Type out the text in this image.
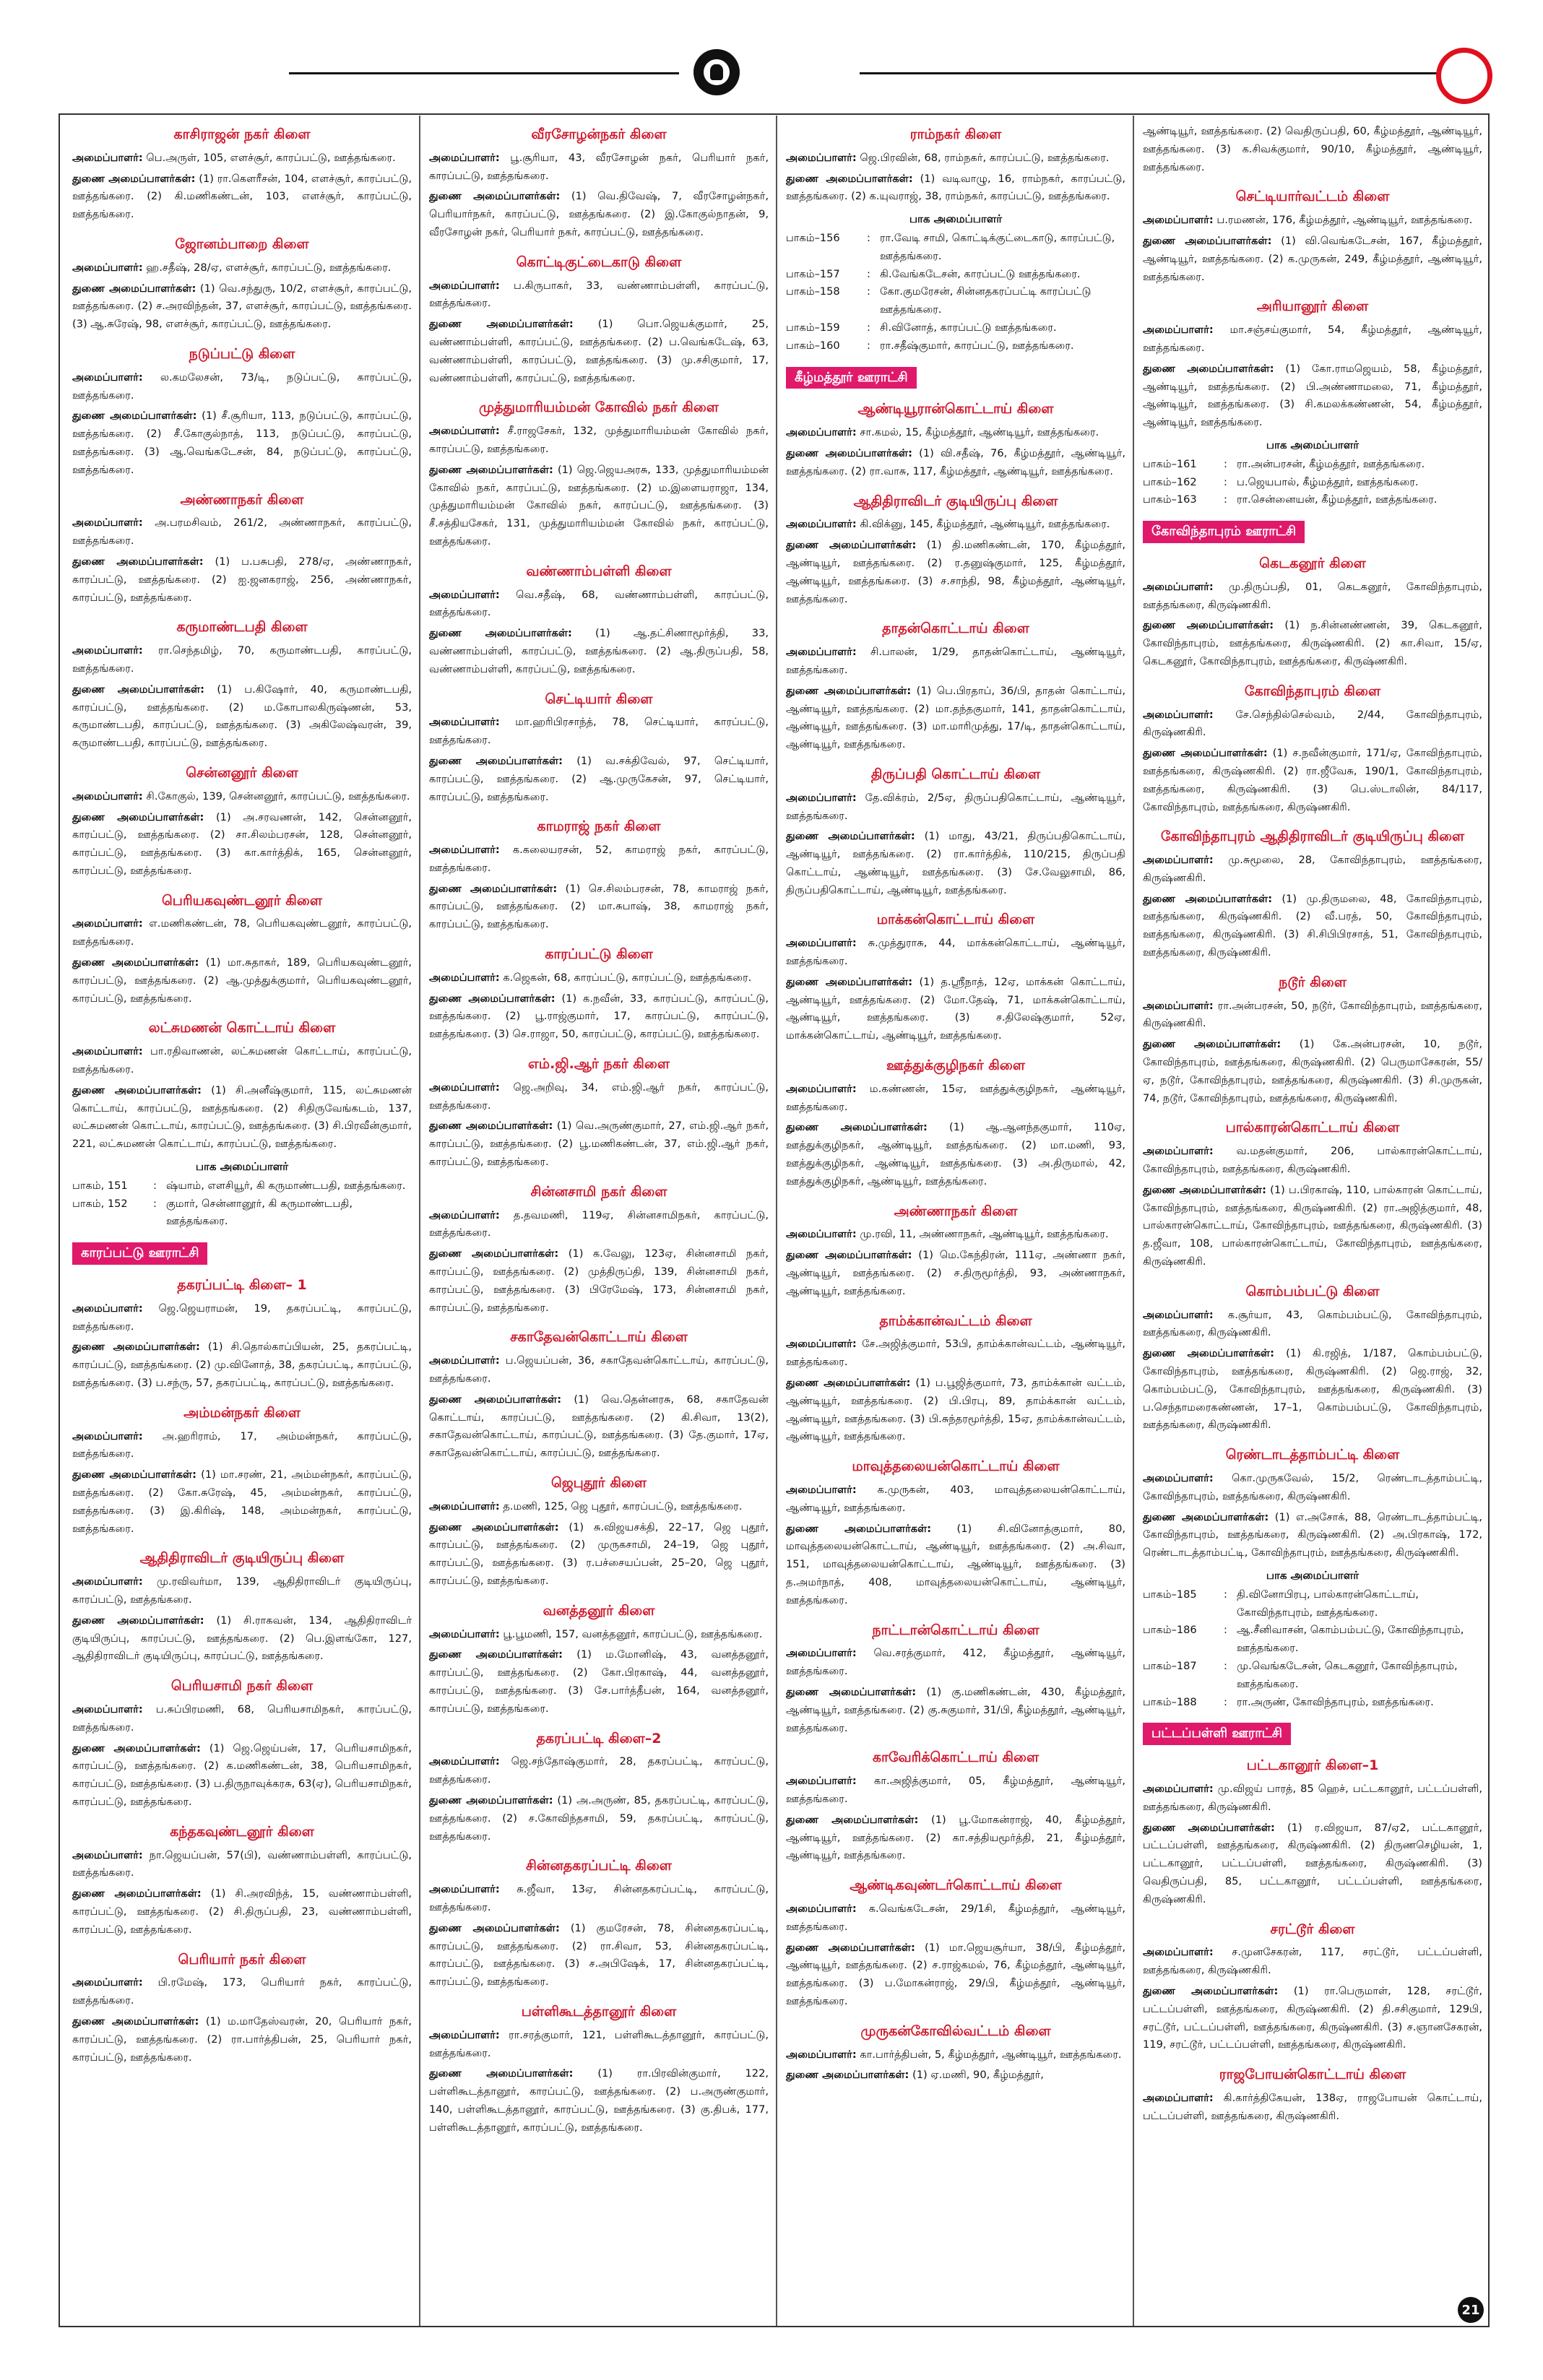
காசிராஜன் நகர் கிளை
அமைப்பாளர்: பெ.அருள், 105, எளச்சூர், காரப்பட்டு, ஊத்தங்கரை.
துணை அமைப்பாளர்கள்: (1) ரா.கௌரீசன், 104, எளச்சூர், காரப்பட்டு, ஊத்தங்கரை. (2) கி.மணிகண்டன், 103, எளச்சூர், காரப்பட்டு, ஊத்தங்கரை.
ஜோனம்பாறை கிளை
அமைப்பாளர்: ஹ.சதீஷ், 28/ஏ, எளச்சூர், காரப்பட்டு, ஊத்தங்கரை.
துணை அமைப்பாளர்கள்: (1) வெ.சந்துரு, 10/2, எளச்சூர், காரப்பட்டு, ஊத்தங்கரை. (2) ச.அரவிந்தன், 37, எளச்சூர், காரப்பட்டு, ஊத்தங்கரை. (3) ஆ.சுரேஷ், 98, எளச்சூர், காரப்பட்டு, ஊத்தங்கரை.
நடுப்பட்டு கிளை
அமைப்பாளர்: ல.கமலேசன், 73/டி, நடுப்பட்டு, காரப்பட்டு, ஊத்தங்கரை.
துணை அமைப்பாளர்கள்: (1) சீ.சூரியா, 113, நடுப்பட்டு, காரப்பட்டு, ஊத்தங்கரை. (2) சீ.கோகுல்நாத், 113, நடுப்பட்டு, காரப்பட்டு, ஊத்தங்கரை. (3) ஆ.வெங்கடேசன், 84, நடுப்பட்டு, காரப்பட்டு, ஊத்தங்கரை.
அண்ணாநகர் கிளை
அமைப்பாளர்: அ.பரமசிவம், 261/2, அண்ணாநகர், காரப்பட்டு, ஊத்தங்கரை.
துணை அமைப்பாளர்கள்: (1) ப.பசுபதி, 278/ஏ, அண்ணாநகர், காரப்பட்டு, ஊத்தங்கரை. (2) ஐ.ஜனகராஜ், 256, அண்ணாநகர், காரப்பட்டு, ஊத்தங்கரை.
கருமாண்டபதி கிளை
அமைப்பாளர்: ரா.செந்தமிழ், 70, கருமாண்டபதி, காரப்பட்டு, ஊத்தங்கரை.
துணை அமைப்பாளர்கள்: (1) ப.கிஷோர், 40, கருமாண்டபதி, காரப்பட்டு, ஊத்தங்கரை. (2) ம.கோபாலகிருஷ்ணன், 53, கருமாண்டபதி, காரப்பட்டு, ஊத்தங்கரை. (3) அகிலேஷ்வரன், 39, கருமாண்டபதி, காரப்பட்டு, ஊத்தங்கரை.
சென்னனூர் கிளை
அமைப்பாளர்: சி.கோகுல், 139, சென்னனூர், காரப்பட்டு, ஊத்தங்கரை.
துணை அமைப்பாளர்கள்: (1) அ.சரவணன், 142, சென்னனூர், காரப்பட்டு, ஊத்தங்கரை. (2) சா.சிலம்பரசன், 128, சென்னனூர், காரப்பட்டு, ஊத்தங்கரை. (3) கா.கார்த்திக், 165, சென்னனூர், காரப்பட்டு, ஊத்தங்கரை.
பெரியகவுண்டனூர் கிளை
அமைப்பாளர்: எ.மணிகண்டன், 78, பெரியகவுண்டனூர், காரப்பட்டு, ஊத்தங்கரை.
துணை அமைப்பாளர்கள்: (1) மா.சுதாகர், 189, பெரியகவுண்டனூர், காரப்பட்டு, ஊத்தங்கரை. (2) ஆ.முத்துக்குமார், பெரியகவுண்டனூர், காரப்பட்டு, ஊத்தங்கரை.
லட்சுமணன் கொட்டாய் கிளை
அமைப்பாளர்: பா.ரதிவாணன், லட்சுமணன் கொட்டாய், காரப்பட்டு, ஊத்தங்கரை.
துணை அமைப்பாளர்கள்: (1) சி.அனீஷ்குமார், 115, லட்சுமணன் கொட்டாய், காரப்பட்டு, ஊத்தங்கரை. (2) சிதிருவேங்கடம், 137, லட்சுமணன் கொட்டாய், காரப்பட்டு, ஊத்தங்கரை. (3) சி.பிரவீன்குமார், 221, லட்சுமணன் கொட்டாய், காரப்பட்டு, ஊத்தங்கரை.
பாக அமைப்பாளர்
பாகம், 151	: ஷ்யாம், எளசியூர், கி கருமாண்டபதி, ஊத்தங்கரை.
பாகம், 152	: குமார், சென்னானூர், கி கருமாண்டபதி, ஊத்தங்கரை.
காரப்பட்டு ஊராட்சி
தகரப்பட்டி கிளை– 1
அமைப்பாளர்: ஜெ.ஜெயராமன், 19, தகரப்பட்டி, காரப்பட்டு, ஊத்தங்கரை.
துணை அமைப்பாளர்கள்: (1) சி.தொல்காப்பியன், 25, தகரப்பட்டி, காரப்பட்டு, ஊத்தங்கரை. (2) மு.வினோத், 38, தகரப்பட்டி, காரப்பட்டு, ஊத்தங்கரை. (3) ப.சந்ரு, 57, தகரப்பட்டி, காரப்பட்டு, ஊத்தங்கரை.
அம்மன்நகர் கிளை
அமைப்பாளர்: அ.ஹரிராம், 17, அம்மன்நகர், காரப்பட்டு, ஊத்தங்கரை.
துணை அமைப்பாளர்கள்: (1) மா.சரண், 21, அம்மன்நகர், காரப்பட்டு, ஊத்தங்கரை. (2) கோ.சுரேஷ், 45, அம்மன்நகர், காரப்பட்டு, ஊத்தங்கரை. (3) இ.கிரிஷ், 148, அம்மன்நகர், காரப்பட்டு, ஊத்தங்கரை.
ஆதிதிராவிடர் குடியிருப்பு கிளை
அமைப்பாளர்: மு.ரவிவர்மா, 139, ஆதிதிராவிடர் குடியிருப்பு, காரப்பட்டு, ஊத்தங்கரை.
துணை அமைப்பாளர்கள்: (1) சி.ராகவன், 134, ஆதிதிராவிடர் குடியிருப்பு, காரப்பட்டு, ஊத்தங்கரை. (2) பெ.இளங்கோ, 127, ஆதிதிராவிடர் குடியிருப்பு, காரப்பட்டு, ஊத்தங்கரை.
பெரியசாமி நகர் கிளை
அமைப்பாளர்: ப.சுப்பிரமணி, 68, பெரியசாமிநகர், காரப்பட்டு, ஊத்தங்கரை.
துணை அமைப்பாளர்கள்: (1) ஜெ.ஜெய்பன், 17, பெரியசாமிநகர், காரப்பட்டு, ஊத்தங்கரை. (2) க.மணிகண்டன், 38, பெரியசாமிநகர், காரப்பட்டு, ஊத்தங்கரை. (3) ப.திருநாவுக்கரசு, 63(ஏ), பெரியசாமிநகர், காரப்பட்டு, ஊத்தங்கரை.
கந்தகவுண்டனூர் கிளை
அமைப்பாளர்: நா.ஜெயப்பன், 57(பி), வண்ணாம்பள்ளி, காரப்பட்டு, ஊத்தங்கரை.
துணை அமைப்பாளர்கள்: (1) சி.அரவிந்த், 15, வண்ணாம்பள்ளி, காரப்பட்டு, ஊத்தங்கரை. (2) சி.திருப்பதி, 23, வண்ணாம்பள்ளி, காரப்பட்டு, ஊத்தங்கரை.
பெரியார் நகர் கிளை
அமைப்பாளர்: பி.ரமேஷ், 173, பெரியார் நகர், காரப்பட்டு, ஊத்தங்கரை.
துணை அமைப்பாளர்கள்: (1) ம.மாதேஸ்வரன், 20, பெரியார் நகர், காரப்பட்டு, ஊத்தங்கரை. (2) ரா.பார்த்திபன், 25, பெரியார் நகர், காரப்பட்டு, ஊத்தங்கரை.
வீரசோழன்நகர் கிளை
அமைப்பாளர்: பூ.சூரியா, 43, வீரசோழன் நகர், பெரியார் நகர், காரப்பட்டு, ஊத்தங்கரை.
துணை அமைப்பாளர்கள்: (1) வெ.திவேஷ், 7, வீரசோழன்நகர், பெரியார்நகர், காரப்பட்டு, ஊத்தங்கரை. (2) இ.கோகுல்நாதன், 9, வீரசோழன் நகர், பெரியார் நகர், காரப்பட்டு, ஊத்தங்கரை.
கொட்டிகுட்டைகாடு கிளை
அமைப்பாளர்: ப.கிருபாகர், 33, வண்ணாம்பள்ளி, காரப்பட்டு, ஊத்தங்கரை.
துணை அமைப்பாளர்கள்: (1) பொ.ஜெயக்குமார், 25, வண்ணாம்பள்ளி, காரப்பட்டு, ஊத்தங்கரை. (2) ப.வெங்கடேஷ், 63, வண்ணாம்பள்ளி, காரப்பட்டு, ஊத்தங்கரை. (3) மு.சசிகுமார், 17, வண்ணாம்பள்ளி, காரப்பட்டு, ஊத்தங்கரை.
முத்துமாரியம்மன் கோவில் நகர் கிளை
அமைப்பாளர்: சீ.ராஜசேகர், 132, முத்துமாரியம்மன் கோவில் நகர், காரப்பட்டு, ஊத்தங்கரை.
துணை அமைப்பாளர்கள்: (1) ஜெ.ஜெயஅரசு, 133, முத்துமாரியம்மன் கோவில் நகர், காரப்பட்டு, ஊத்தங்கரை. (2) ம.இளையராஜா, 134, முத்துமாரியம்மன் கோவில் நகர், காரப்பட்டு, ஊத்தங்கரை. (3) சீ.சத்தியசேகர், 131, முத்துமாரியம்மன் கோவில் நகர், காரப்பட்டு, ஊத்தங்கரை.
வண்ணாம்பள்ளி கிளை
அமைப்பாளர்: வெ.சதீஷ், 68, வண்ணாம்பள்ளி, காரப்பட்டு, ஊத்தங்கரை.
துணை அமைப்பாளர்கள்: (1) ஆ.தட்சிணாமூர்த்தி, 33, வண்ணாம்பள்ளி, காரப்பட்டு, ஊத்தங்கரை. (2) ஆ.திருப்பதி, 58, வண்ணாம்பள்ளி, காரப்பட்டு, ஊத்தங்கரை.
செட்டியார் கிளை
அமைப்பாளர்: மா.ஹரிபிரசாந்த், 78, செட்டியார், காரப்பட்டு, ஊத்தங்கரை.
துணை அமைப்பாளர்கள்: (1) வ.சக்திவேல், 97, செட்டியார், காரப்பட்டு, ஊத்தங்கரை. (2) ஆ.முருகேசன், 97, செட்டியார், காரப்பட்டு, ஊத்தங்கரை.
காமராஜ் நகர் கிளை
அமைப்பாளர்: க.கலையரசன், 52, காமராஜ் நகர், காரப்பட்டு, ஊத்தங்கரை.
துணை அமைப்பாளர்கள்: (1) செ.சிலம்பரசன், 78, காமராஜ் நகர், காரப்பட்டு, ஊத்தங்கரை. (2) மா.சுபாஷ், 38, காமராஜ் நகர், காரப்பட்டு, ஊத்தங்கரை.
காரப்பட்டு கிளை
அமைப்பாளர்: க.ஜெகன், 68, காரப்பட்டு, காரப்பட்டு, ஊத்தங்கரை.
துணை அமைப்பாளர்கள்: (1) க.நவீன், 33, காரப்பட்டு, காரப்பட்டு, ஊத்தங்கரை. (2) பூ.ராஜ்குமார், 17, காரப்பட்டு, காரப்பட்டு, ஊத்தங்கரை. (3) செ.ராஜா, 50, காரப்பட்டு, காரப்பட்டு, ஊத்தங்கரை.
எம்.ஜி.ஆர் நகர் கிளை
அமைப்பாளர்: ஜெ.அறிவு, 34, எம்.ஜி.ஆர் நகர், காரப்பட்டு, ஊத்தங்கரை.
துணை அமைப்பாளர்கள்: (1) வெ.அருண்குமார், 27, எம்.ஜி.ஆர் நகர், காரப்பட்டு, ஊத்தங்கரை. (2) பூ.மணிகண்டன், 37, எம்.ஜி.ஆர் நகர், காரப்பட்டு, ஊத்தங்கரை.
சின்னசாமி நகர் கிளை
அமைப்பாளர்: த.தவமணி, 119ஏ, சின்னசாமிநகர், காரப்பட்டு, ஊத்தங்கரை.
துணை அமைப்பாளர்கள்: (1) க.வேலு, 123ஏ, சின்னசாமி நகர், காரப்பட்டு, ஊத்தங்கரை. (2) முத்திருப்தி, 139, சின்னசாமி நகர், காரப்பட்டு, ஊத்தங்கரை. (3) பிரேமேஷ், 173, சின்னசாமி நகர், காரப்பட்டு, ஊத்தங்கரை.
சகாதேவன்கொட்டாய் கிளை
அமைப்பாளர்: ப.ஜெயப்பன், 36, சகாதேவன்கொட்டாய், காரப்பட்டு, ஊத்தங்கரை.
துணை அமைப்பாளர்கள்: (1) வெ.தென்னரசு, 68, சகாதேவன் கொட்டாய், காரப்பட்டு, ஊத்தங்கரை. (2) கி.சிவா, 13(2), சகாதேவன்கொட்டாய், காரப்பட்டு, ஊத்தங்கரை. (3) தே.குமார், 17ஏ, சகாதேவன்கொட்டாய், காரப்பட்டு, ஊத்தங்கரை.
ஜெபுதூர் கிளை
அமைப்பாளர்: த.மணி, 125, ஜெ புதூர், காரப்பட்டு, ஊத்தங்கரை.
துணை அமைப்பாளர்கள்: (1) சு.விஜயசக்தி, 22–17, ஜெ புதூர், காரப்பட்டு, ஊத்தங்கரை. (2) முருகசாமி, 24–19, ஜெ புதூர், காரப்பட்டு, ஊத்தங்கரை. (3) ர.பச்சையப்பன், 25–20, ஜெ புதூர், காரப்பட்டு, ஊத்தங்கரை.
வனத்தனூர் கிளை
அமைப்பாளர்: பூ.பூமணி, 157, வனத்தனூர், காரப்பட்டு, ஊத்தங்கரை.
துணை அமைப்பாளர்கள்: (1) ம.மோனிஷ், 43, வனத்தனூர், காரப்பட்டு, ஊத்தங்கரை. (2) கோ.பிரகாஷ், 44, வனத்தனூர், காரப்பட்டு, ஊத்தங்கரை. (3) சே.பார்த்தீபன், 164, வனத்தனூர், காரப்பட்டு, ஊத்தங்கரை.
தகரப்பட்டி கிளை–2
அமைப்பாளர்: ஜெ.சந்தோஷ்குமார், 28, தகரப்பட்டி, காரப்பட்டு, ஊத்தங்கரை.
துணை அமைப்பாளர்கள்: (1) அ.அருண், 85, தகரப்பட்டி, காரப்பட்டு, ஊத்தங்கரை. (2) ச.கோவிந்தசாமி, 59, தகரப்பட்டி, காரப்பட்டு, ஊத்தங்கரை.
சின்னதகரப்பட்டி கிளை
அமைப்பாளர்: சு.ஜீவா, 13ஏ, சின்னதகரப்பட்டி, காரப்பட்டு, ஊத்தங்கரை.
துணை அமைப்பாளர்கள்: (1) குமரேசன், 78, சின்னதகரப்பட்டி, காரப்பட்டு, ஊத்தங்கரை. (2) ரா.சிவா, 53, சின்னதகரப்பட்டி, காரப்பட்டு, ஊத்தங்கரை. (3) ச.அபிஷேக், 17, சின்னதகரப்பட்டி, காரப்பட்டு, ஊத்தங்கரை.
பள்ளிகூடத்தானூர் கிளை
அமைப்பாளர்: ரா.சரத்குமார், 121, பள்ளிகூடத்தானூர், காரப்பட்டு, ஊத்தங்கரை.
துணை அமைப்பாளர்கள்: (1) ரா.பிரவின்குமார், 122, பள்ளிகூடத்தானூர், காரப்பட்டு, ஊத்தங்கரை. (2) ப.அருண்குமார், 140, பள்ளிகூடத்தானூர், காரப்பட்டு, ஊத்தங்கரை. (3) கு.திபக், 177, பள்ளிகூடத்தானூர், காரப்பட்டு, ஊத்தங்கரை.
ராம்நகர் கிளை
அமைப்பாளர்: ஜெ.பிரவின், 68, ராம்நகர், காரப்பட்டு, ஊத்தங்கரை.
துணை அமைப்பாளர்கள்: (1) வடிவாழு, 16, ராம்நகர், காரப்பட்டு, ஊத்தங்கரை. (2) க.யுவராஜ், 38, ராம்நகர், காரப்பட்டு, ஊத்தங்கரை.
பாக அமைப்பாளர்
பாகம்–156	: ரா.வேடி சாமி, கொட்டிக்குட்டைகாடு, காரப்பட்டு, ஊத்தங்கரை.
பாகம்–157	: கி.வேங்கடேசன், காரப்பட்டு ஊத்தங்கரை.
பாகம்–158	: கோ.குமரேசன், சின்னதகரப்பட்டி காரப்பட்டு ஊத்தங்கரை.
பாகம்–159	: சி.வினோத், காரப்பட்டு ஊத்தங்கரை.
பாகம்–160	: ரா.சதீஷ்குமார், காரப்பட்டு, ஊத்தங்கரை.
கீழ்மத்தூர் ஊராட்சி
ஆண்டியூரான்கொட்டாய் கிளை
அமைப்பாளர்: சா.கமல், 15, கீழ்மத்தூர், ஆண்டியூர், ஊத்தங்கரை.
துணை அமைப்பாளர்கள்: (1) வி.சதீஷ், 76, கீழ்மத்தூர், ஆண்டியூர், ஊத்தங்கரை. (2) ரா.வாசு, 117, கீழ்மத்தூர், ஆண்டியூர், ஊத்தங்கரை.
ஆதிதிராவிடர் குடியிருப்பு கிளை
அமைப்பாளர்: கி.விக்னு, 145, கீழ்மத்தூர், ஆண்டியூர், ஊத்தங்கரை.
துணை அமைப்பாளர்கள்: (1) தி.மணிகண்டன், 170, கீழ்மத்தூர், ஆண்டியூர், ஊத்தங்கரை. (2) ர.தனுஷ்குமார், 125, கீழ்மத்தூர், ஆண்டியூர், ஊத்தங்கரை. (3) ச.சாந்தி, 98, கீழ்மத்தூர், ஆண்டியூர், ஊத்தங்கரை.
தாதன்கொட்டாய் கிளை
அமைப்பாளர்: சி.பாலன், 1/29, தாதன்கொட்டாய், ஆண்டியூர், ஊத்தங்கரை.
துணை அமைப்பாளர்கள்: (1) பெ.பிரதாப், 36/பி, தாதன் கொட்டாய், ஆண்டியூர், ஊத்தங்கரை. (2) மா.தந்தகுமார், 141, தாதன்கொட்டாய், ஆண்டியூர், ஊத்தங்கரை. (3) மா.மாரிமுத்து, 17/டி, தாதன்கொட்டாய், ஆண்டியூர், ஊத்தங்கரை.
திருப்பதி கொட்டாய் கிளை
அமைப்பாளர்: தே.விக்ரம், 2/5ஏ, திருப்பதிகொட்டாய், ஆண்டியூர், ஊத்தங்கரை.
துணை அமைப்பாளர்கள்: (1) மாது, 43/21, திருப்பதிகொட்டாய், ஆண்டியூர், ஊத்தங்கரை. (2) ரா.கார்த்திக், 110/215, திருப்பதி கொட்டாய், ஆண்டியூர், ஊத்தங்கரை. (3) சே.வேலுசாமி, 86, திருப்பதிகொட்டாய், ஆண்டியூர், ஊத்தங்கரை.
மாக்கன்கொட்டாய் கிளை
அமைப்பாளர்: சு.முத்துராசு, 44, மாக்கன்கொட்டாய், ஆண்டியூர், ஊத்தங்கரை.
துணை அமைப்பாளர்கள்: (1) த.ஸ்ரீநாத், 12ஏ, மாக்கன் கொட்டாய், ஆண்டியூர், ஊத்தங்கரை. (2) மோ.தேஷ், 71, மாக்கன்கொட்டாய், ஆண்டியூர், ஊத்தங்கரை. (3) ச.திலேஷ்குமார், 52ஏ, மாக்கன்கொட்டாய், ஆண்டியூர், ஊத்தங்கரை.
ஊத்துக்குழிநகர் கிளை
அமைப்பாளர்: ம.கண்ணன், 15ஏ, ஊத்துக்குழிநகர், ஆண்டியூர், ஊத்தங்கரை.
துணை அமைப்பாளர்கள்: (1) ஆ.ஆனந்தகுமார், 110ஏ, ஊத்துக்குழிநகர், ஆண்டியூர், ஊத்தங்கரை. (2) மா.மணி, 93, ஊத்துக்குழிநகர், ஆண்டியூர், ஊத்தங்கரை. (3) அ.திருமால், 42, ஊத்துக்குழிநகர், ஆண்டியூர், ஊத்தங்கரை.
அண்ணாநகர் கிளை
அமைப்பாளர்: மு.ரவி, 11, அண்ணாநகர், ஆண்டியூர், ஊத்தங்கரை.
துணை அமைப்பாளர்கள்: (1) மெ.கேந்திரன், 111ஏ, அண்ணா நகர், ஆண்டியூர், ஊத்தங்கரை. (2) ச.திருமூர்த்தி, 93, அண்ணாநகர், ஆண்டியூர், ஊத்தங்கரை.
தாம்க்கான்வட்டம் கிளை
அமைப்பாளர்: சே.அஜித்குமார், 53பி, தாம்க்கான்வட்டம், ஆண்டியூர், ஊத்தங்கரை.
துணை அமைப்பாளர்கள்: (1) ப.பூஜித்குமார், 73, தாம்க்கான் வட்டம், ஆண்டியூர், ஊத்தங்கரை. (2) பி.பிரபு, 89, தாம்க்கான் வட்டம், ஆண்டியூர், ஊத்தங்கரை. (3) பி.சுந்தரமூர்த்தி, 15ஏ, தாம்க்கான்வட்டம், ஆண்டியூர், ஊத்தங்கரை.
மாவுத்தலையன்கொட்டாய் கிளை
அமைப்பாளர்: க.முருகன், 403, மாவுத்தலையன்கொட்டாய், ஆண்டியூர், ஊத்தங்கரை.
துணை அமைப்பாளர்கள்: (1) சி.வினோத்குமார், 80, மாவுத்தலையன்கொட்டாய், ஆண்டியூர், ஊத்தங்கரை. (2) அ.சிவா, 151, மாவுத்தலையன்கொட்டாய், ஆண்டியூர், ஊத்தங்கரை. (3) த.அமர்நாத், 408, மாவுத்தலையன்கொட்டாய், ஆண்டியூர், ஊத்தங்கரை.
நாட்டான்கொட்டாய் கிளை
அமைப்பாளர்: வெ.சரத்குமார், 412, கீழ்மத்தூர், ஆண்டியூர், ஊத்தங்கரை.
துணை அமைப்பாளர்கள்: (1) கு.மணிகண்டன், 430, கீழ்மத்தூர், ஆண்டியூர், ஊத்தங்கரை. (2) கு.சுகுமார், 31/பி, கீழ்மத்தூர், ஆண்டியூர், ஊத்தங்கரை.
காவேரிக்கொட்டாய் கிளை
அமைப்பாளர்: கா.அஜித்குமார், 05, கீழ்மத்தூர், ஆண்டியூர், ஊத்தங்கரை.
துணை அமைப்பாளர்கள்: (1) பூ.மோகன்ராஜ், 40, கீழ்மத்தூர், ஆண்டியூர், ஊத்தங்கரை. (2) கா.சத்தியமூர்த்தி, 21, கீழ்மத்தூர், ஆண்டியூர், ஊத்தங்கரை.
ஆண்டிகவுண்டர்கொட்டாய் கிளை
அமைப்பாளர்: க.வெங்கடேசன், 29/1சி, கீழ்மத்தூர், ஆண்டியூர், ஊத்தங்கரை.
துணை அமைப்பாளர்கள்: (1) மா.ஜெயசூர்யா, 38/பி, கீழ்மத்தூர், ஆண்டியூர், ஊத்தங்கரை. (2) ச.ராஜ்கமல், 76, கீழ்மத்தூர், ஆண்டியூர், ஊத்தங்கரை. (3) ப.மோகன்ராஜ், 29/பி, கீழ்மத்தூர், ஆண்டியூர், ஊத்தங்கரை.
முருகன்கோவில்வட்டம் கிளை
அமைப்பாளர்: கா.பார்த்திபன், 5, கீழ்மத்தூர், ஆண்டியூர், ஊத்தங்கரை.
துணை அமைப்பாளர்கள்: (1) ஏ.மணி, 90, கீழ்மத்தூர்,
ஆண்டியூர், ஊத்தங்கரை. (2) வெதிருப்பதி, 60, கீழ்மத்தூர், ஆண்டியூர், ஊத்தங்கரை. (3) க.சிவக்குமார், 90/10, கீழ்மத்தூர், ஆண்டியூர், ஊத்தங்கரை.
செட்டியார்வட்டம் கிளை
அமைப்பாளர்: ப.ரமணன், 176, கீழ்மத்தூர், ஆண்டியூர், ஊத்தங்கரை.
துணை அமைப்பாளர்கள்: (1) வி.வெங்கடேசன், 167, கீழ்மத்தூர், ஆண்டியூர், ஊத்தங்கரை. (2) க.முருகன், 249, கீழ்மத்தூர், ஆண்டியூர், ஊத்தங்கரை.
அரியானூர் கிளை
அமைப்பாளர்: மா.சஞ்சய்குமார், 54, கீழ்மத்தூர், ஆண்டியூர், ஊத்தங்கரை.
துணை அமைப்பாளர்கள்: (1) கோ.ராமஜெயம், 58, கீழ்மத்தூர், ஆண்டியூர், ஊத்தங்கரை. (2) பி.அண்ணாமலை, 71, கீழ்மத்தூர், ஆண்டியூர், ஊத்தங்கரை. (3) சி.கமலக்கண்ணன், 54, கீழ்மத்தூர், ஆண்டியூர், ஊத்தங்கரை.
பாக அமைப்பாளர்
பாகம்–161	: ரா.அன்பரசன், கீழ்மத்தூர், ஊத்தங்கரை.
பாகம்–162	: ப.ஜெயபால், கீழ்மத்தூர், ஊத்தங்கரை.
பாகம்–163	: ரா.சென்னையன், கீழ்மத்தூர், ஊத்தங்கரை.
கோவிந்தாபுரம் ஊராட்சி
கெடகனூர் கிளை
அமைப்பாளர்: மு.திருப்பதி, 01, கெடகனூர், கோவிந்தாபுரம், ஊத்தங்கரை, கிருஷ்ணகிரி.
துணை அமைப்பாளர்கள்: (1) ந.சின்னண்ணன், 39, கெடகனூர், கோவிந்தாபுரம், ஊத்தங்கரை, கிருஷ்ணகிரி. (2) கா.சிவா, 15/ஏ, கெடகனூர், கோவிந்தாபுரம், ஊத்தங்கரை, கிருஷ்ணகிரி.
கோவிந்தாபுரம் கிளை
அமைப்பாளர்: சே.செந்தில்செல்வம், 2/44, கோவிந்தாபுரம், கிருஷ்ணகிரி.
துணை அமைப்பாளர்கள்: (1) ச.நவீன்குமார், 171/ஏ, கோவிந்தாபுரம், ஊத்தங்கரை, கிருஷ்ணகிரி. (2) ரா.ஜீவேசு, 190/1, கோவிந்தாபுரம், ஊத்தங்கரை, கிருஷ்ணகிரி. (3) பெ.ஸ்டாலின், 84/117, கோவிந்தாபுரம், ஊத்தங்கரை, கிருஷ்ணகிரி.
கோவிந்தாபுரம் ஆதிதிராவிடர் குடியிருப்பு கிளை
அமைப்பாளர்: மு.சுமூலை, 28, கோவிந்தாபுரம், ஊத்தங்கரை, கிருஷ்ணகிரி.
துணை அமைப்பாளர்கள்: (1) மு.திருமலை, 48, கோவிந்தாபுரம், ஊத்தங்கரை, கிருஷ்ணகிரி. (2) வீ.பரத், 50, கோவிந்தாபுரம், ஊத்தங்கரை, கிருஷ்ணகிரி. (3) சி.சிபிபிரசாத், 51, கோவிந்தாபுரம், ஊத்தங்கரை, கிருஷ்ணகிரி.
நடூர் கிளை
அமைப்பாளர்: ரா.அன்பரசன், 50, நடூர், கோவிந்தாபுரம், ஊத்தங்கரை, கிருஷ்ணகிரி.
துணை அமைப்பாளர்கள்: (1) கே.அன்பரசன், 10, நடூர், கோவிந்தாபுரம், ஊத்தங்கரை, கிருஷ்ணகிரி. (2) பெருமாசேகரன், 55/ஏ, நடூர், கோவிந்தாபுரம், ஊத்தங்கரை, கிருஷ்ணகிரி. (3) சி.முருகன், 74, நடூர், கோவிந்தாபுரம், ஊத்தங்கரை, கிருஷ்ணகிரி.
பால்காரன்கொட்டாய் கிளை
அமைப்பாளர்: வ.மதன்குமார், 206, பால்காரன்கொட்டாய், கோவிந்தாபுரம், ஊத்தங்கரை, கிருஷ்ணகிரி.
துணை அமைப்பாளர்கள்: (1) ப.பிரகாஷ், 110, பால்காரன் கொட்டாய், கோவிந்தாபுரம், ஊத்தங்கரை, கிருஷ்ணகிரி. (2) ரா.அஜித்குமார், 48, பால்காரன்கொட்டாய், கோவிந்தாபுரம், ஊத்தங்கரை, கிருஷ்ணகிரி. (3) த.ஜீவா, 108, பால்காரன்கொட்டாய், கோவிந்தாபுரம், ஊத்தங்கரை, கிருஷ்ணகிரி.
கொம்பம்பட்டு கிளை
அமைப்பாளர்: க.சூர்யா, 43, கொம்பம்பட்டு, கோவிந்தாபுரம், ஊத்தங்கரை, கிருஷ்ணகிரி.
துணை அமைப்பாளர்கள்: (1) கி.ரஜித், 1/187, கொம்பம்பட்டு, கோவிந்தாபுரம், ஊத்தங்கரை, கிருஷ்ணகிரி. (2) ஜெ.ராஜ், 32, கொம்பம்பட்டு, கோவிந்தாபுரம், ஊத்தங்கரை, கிருஷ்ணகிரி. (3) ப.செந்தாமரைகண்ணன், 17–1, கொம்பம்பட்டு, கோவிந்தாபுரம், ஊத்தங்கரை, கிருஷ்ணகிரி.
ரெண்டாடத்தாம்பட்டி கிளை
அமைப்பாளர்: கொ.முருகவேல், 15/2, ரெண்டாடத்தாம்பட்டி, கோவிந்தாபுரம், ஊத்தங்கரை, கிருஷ்ணகிரி.
துணை அமைப்பாளர்கள்: (1) எ.அசோக், 88, ரெண்டாடத்தாம்பட்டி, கோவிந்தாபுரம், ஊத்தங்கரை, கிருஷ்ணகிரி. (2) அ.பிரகாஷ், 172, ரெண்டாடத்தாம்பட்டி, கோவிந்தாபுரம், ஊத்தங்கரை, கிருஷ்ணகிரி.
பாக அமைப்பாளர்
பாகம்–185	: தி.வினோபிரபு, பால்காரன்கொட்டாய், கோவிந்தாபுரம், ஊத்தங்கரை.
பாகம்–186	: ஆ.சீனிவாசன், கொம்பம்பட்டு, கோவிந்தாபுரம், ஊத்தங்கரை.
பாகம்–187	: மு.வெங்கடேசன், கெடகனூர், கோவிந்தாபுரம், ஊத்தங்கரை.
பாகம்–188	: ரா.அருண், கோவிந்தாபுரம், ஊத்தங்கரை.
பட்டப்பள்ளி ஊராட்சி
பட்டகானூர் கிளை–1
அமைப்பாளர்: மு.விஜய் பாரத், 85 ஹெச், பட்டகானூர், பட்டப்பள்ளி, ஊத்தங்கரை, கிருஷ்ணகிரி.
துணை அமைப்பாளர்கள்: (1) ர.விஜயா, 87/ஏ2, பட்டகானூர், பட்டப்பள்ளி, ஊத்தங்கரை, கிருஷ்ணகிரி. (2) திருணசெழியன், 1, பட்டகானூர், பட்டப்பள்ளி, ஊத்தங்கரை, கிருஷ்ணகிரி. (3) வெதிருப்பதி, 85, பட்டகானூர், பட்டப்பள்ளி, ஊத்தங்கரை, கிருஷ்ணகிரி.
சரட்டூர் கிளை
அமைப்பாளர்: ச.முனசேகரன், 117, சரட்டூர், பட்டப்பள்ளி, ஊத்தங்கரை, கிருஷ்ணகிரி.
துணை அமைப்பாளர்கள்: (1) ரா.பெருமாள், 128, சரட்டூர், பட்டப்பள்ளி, ஊத்தங்கரை, கிருஷ்ணகிரி. (2) தி.சசிகுமார், 129பி, சரட்டூர், பட்டப்பள்ளி, ஊத்தங்கரை, கிருஷ்ணகிரி. (3) ச.ஞானசேகரன், 119, சரட்டூர், பட்டப்பள்ளி, ஊத்தங்கரை, கிருஷ்ணகிரி.
ராஜபோயன்கொட்டாய் கிளை
அமைப்பாளர்: கி.கார்த்திகேயன், 138ஏ, ராஜபோயன் கொட்டாய், பட்டப்பள்ளி, ஊத்தங்கரை, கிருஷ்ணகிரி.
21
